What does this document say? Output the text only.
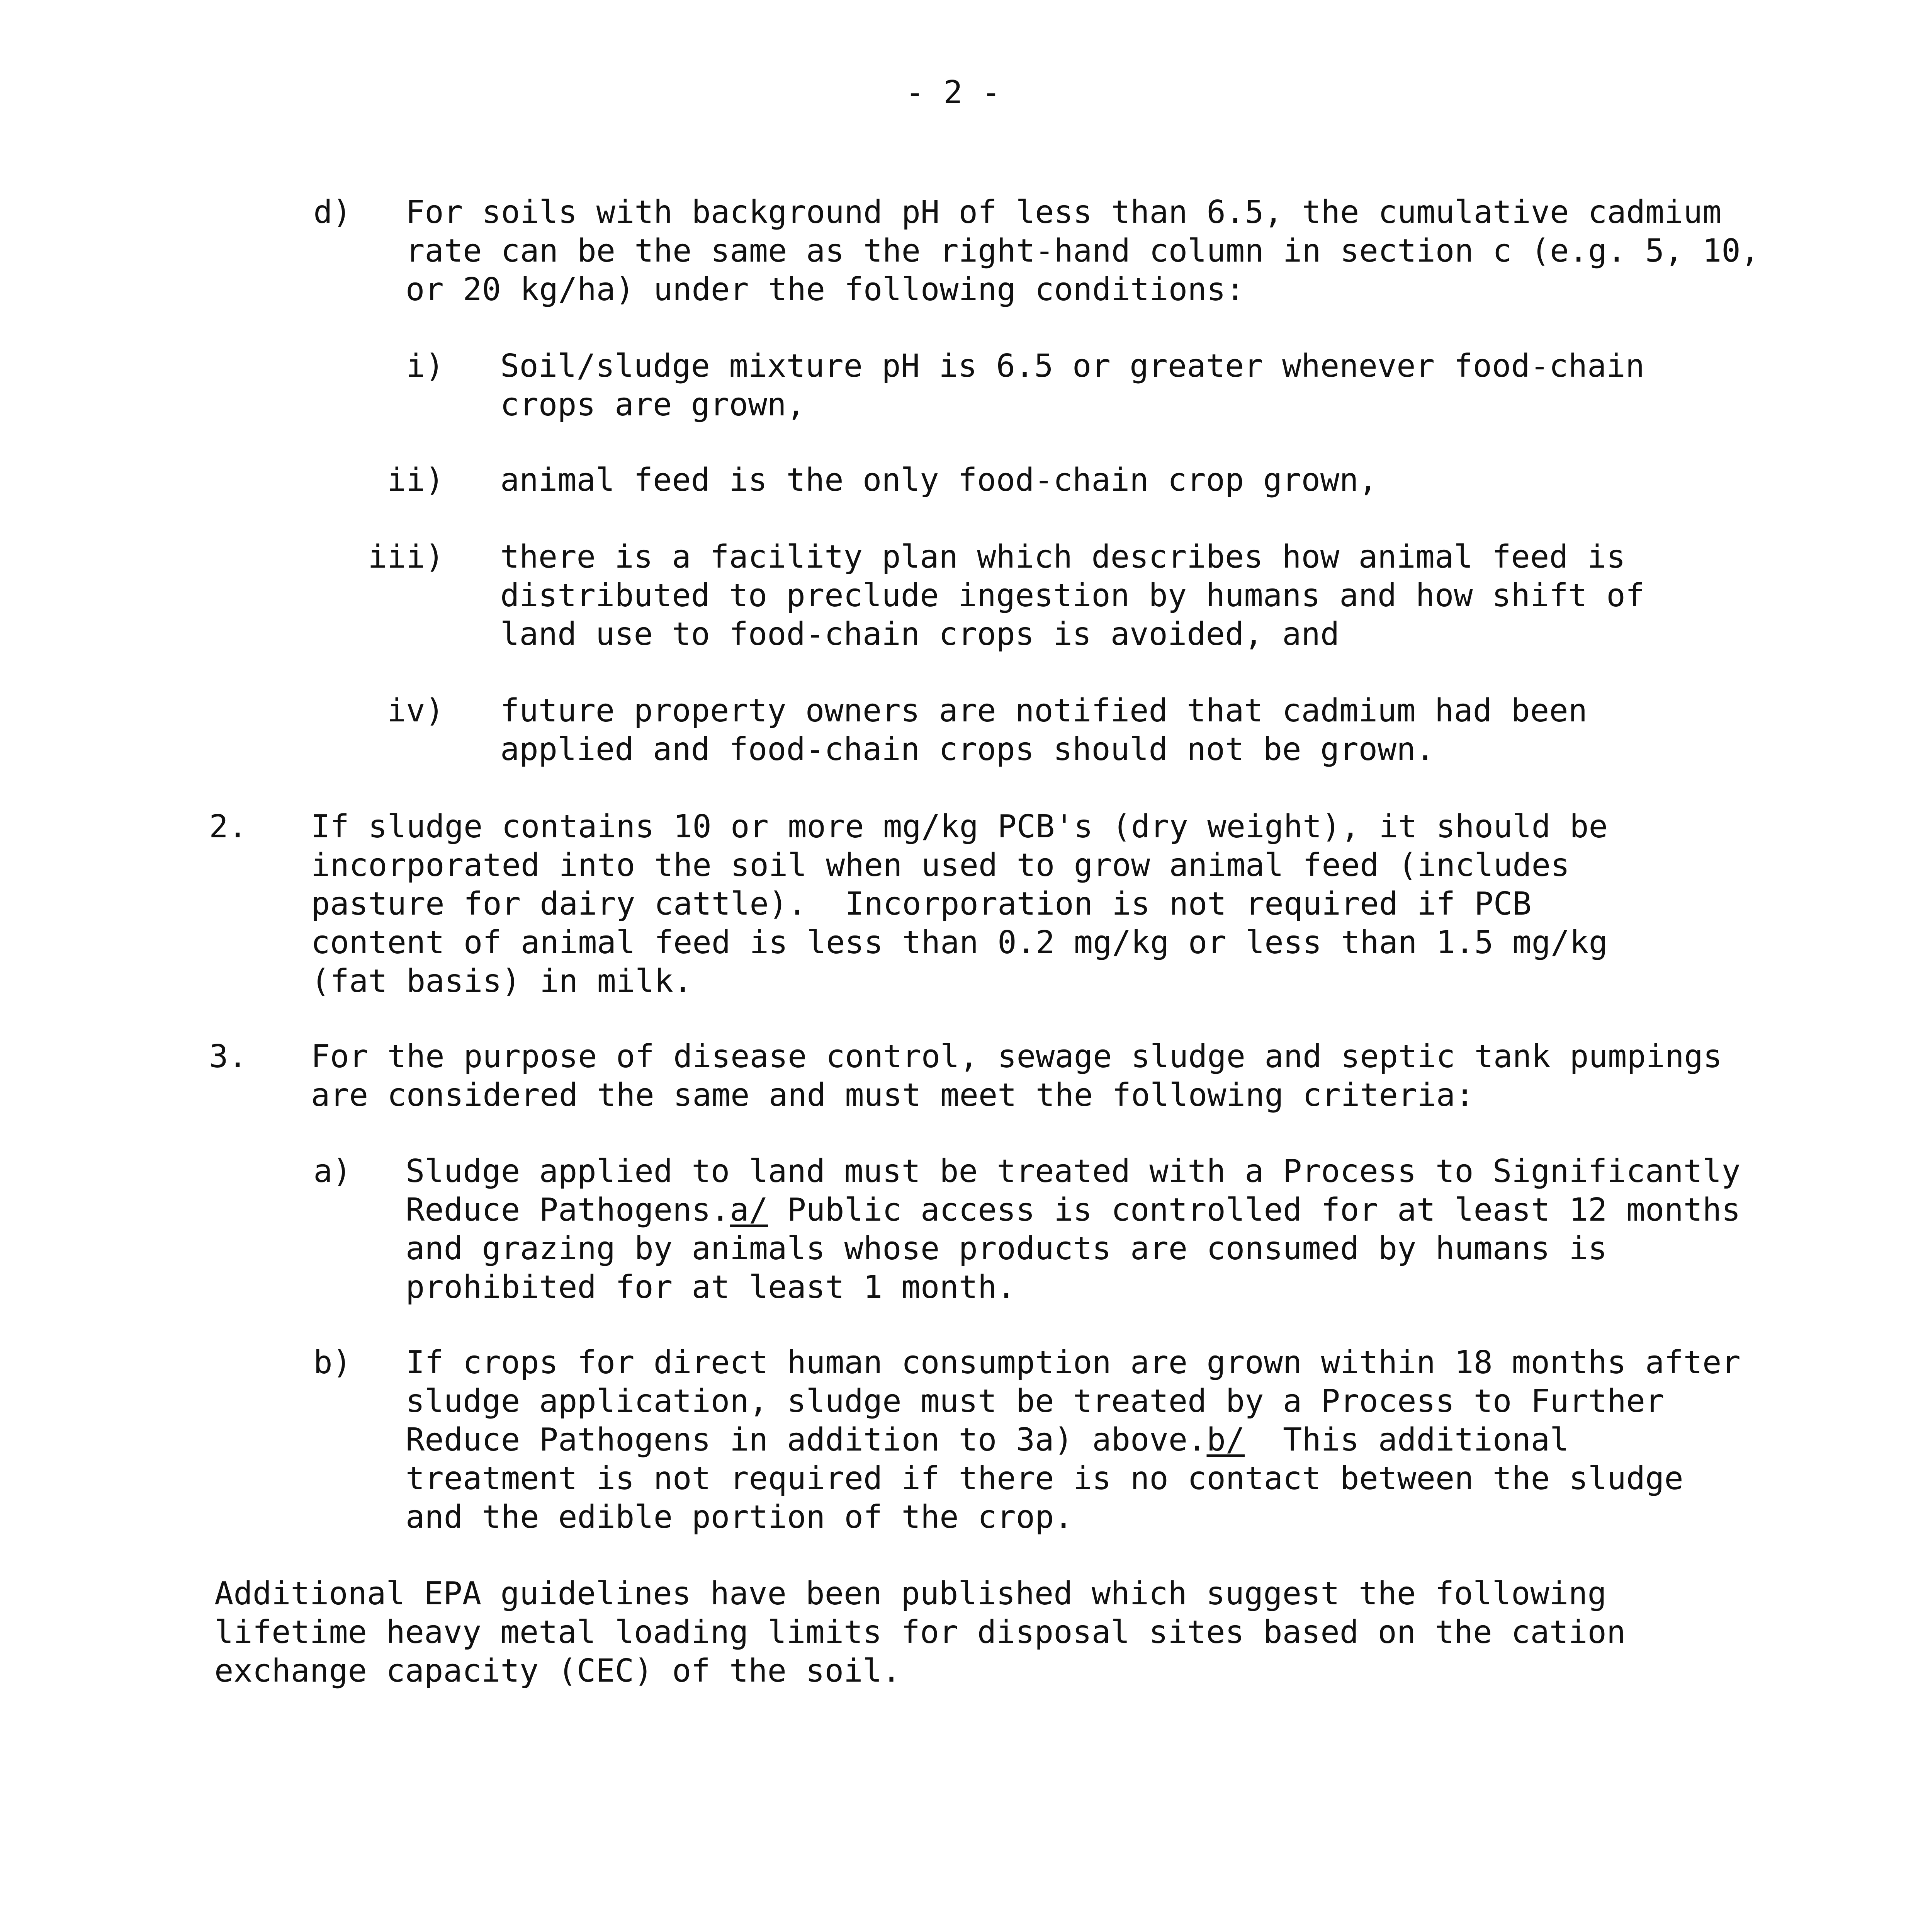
- 2 -
d) For soils with background pH of less than 6.5, the cumulative cadmium rate can be the same as the right-hand column in section c (e.g. 5, 10, or 20 kg/ha) under the following conditions:
i) Soil/sludge mixture pH is 6.5 or greater whenever food-chain crops are grown,
ii) animal feed is the only food-chain crop grown,
iii) there is a facility plan which describes how animal feed is distributed to preclude ingestion by humans and how shift of land use to food-chain crops is avoided, and
iv) future property owners are notified that cadmium had been applied and food-chain crops should not be grown.
2. If sludge contains 10 or more mg/kg PCB's (dry weight), it should be incorporated into the soil when used to grow animal feed (includes pasture for dairy cattle).  Incorporation is not required if PCB content of animal feed is less than 0.2 mg/kg or less than 1.5 mg/kg (fat basis) in milk.
3. For the purpose of disease control, sewage sludge and septic tank pumpings are considered the same and must meet the following criteria:
a) Sludge applied to land must be treated with a Process to Significantly Reduce Pathogens.a/ Public access is controlled for at least 12 months and grazing by animals whose products are consumed by humans is prohibited for at least 1 month.
b) If crops for direct human consumption are grown within 18 months after sludge application, sludge must be treated by a Process to Further Reduce Pathogens in addition to 3a) above.b/  This additional treatment is not required if there is no contact between the sludge and the edible portion of the crop.
Additional EPA guidelines have been published which suggest the following lifetime heavy metal loading limits for disposal sites based on the cation exchange capacity (CEC) of the soil.
